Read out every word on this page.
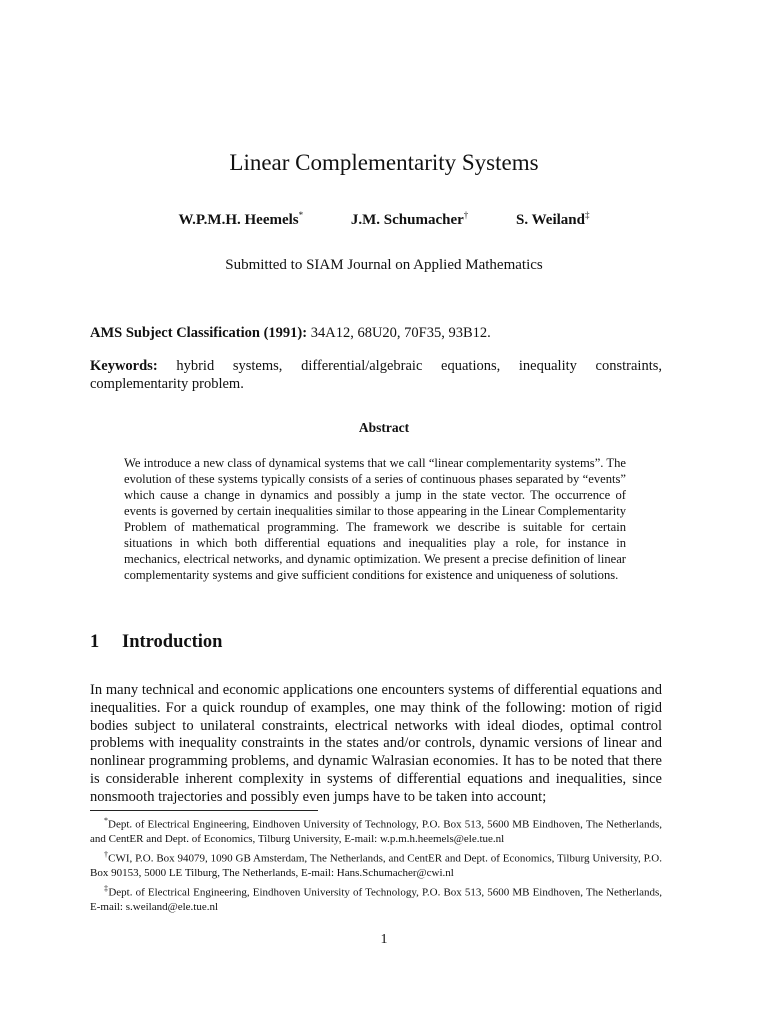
Linear Complementarity Systems
W.P.M.H. Heemels*	J.M. Schumacher†	S. Weiland‡
Submitted to SIAM Journal on Applied Mathematics
AMS Subject Classification (1991): 34A12, 68U20, 70F35, 93B12.
Keywords: hybrid systems, differential/algebraic equations, inequality constraints, complementarity problem.
Abstract
We introduce a new class of dynamical systems that we call “linear complementarity systems”. The evolution of these systems typically consists of a series of continuous phases separated by “events” which cause a change in dynamics and possibly a jump in the state vector. The occurrence of events is governed by certain inequalities similar to those appearing in the Linear Complementarity Problem of mathematical programming. The framework we describe is suitable for certain situations in which both differential equations and inequalities play a role, for instance in mechanics, electrical networks, and dynamic optimization. We present a precise definition of linear complementarity systems and give sufficient conditions for existence and uniqueness of solutions.
1 Introduction
In many technical and economic applications one encounters systems of differential equations and inequalities. For a quick roundup of examples, one may think of the following: motion of rigid bodies subject to unilateral constraints, electrical networks with ideal diodes, optimal control problems with inequality constraints in the states and/or controls, dynamic versions of linear and nonlinear programming problems, and dynamic Walrasian economies. It has to be noted that there is considerable inherent complexity in systems of differential equations and inequalities, since nonsmooth trajectories and possibly even jumps have to be taken into account;

*Dept. of Electrical Engineering, Eindhoven University of Technology, P.O. Box 513, 5600 MB Eindhoven, The Netherlands, and CentER and Dept. of Economics, Tilburg University, E-mail: w.p.m.h.heemels@ele.tue.nl

†CWI, P.O. Box 94079, 1090 GB Amsterdam, The Netherlands, and CentER and Dept. of Economics, Tilburg University, P.O. Box 90153, 5000 LE Tilburg, The Netherlands, E-mail: Hans.Schumacher@cwi.nl

‡Dept. of Electrical Engineering, Eindhoven University of Technology, P.O. Box 513, 5600 MB Eindhoven, The Netherlands, E-mail: s.weiland@ele.tue.nl

1
